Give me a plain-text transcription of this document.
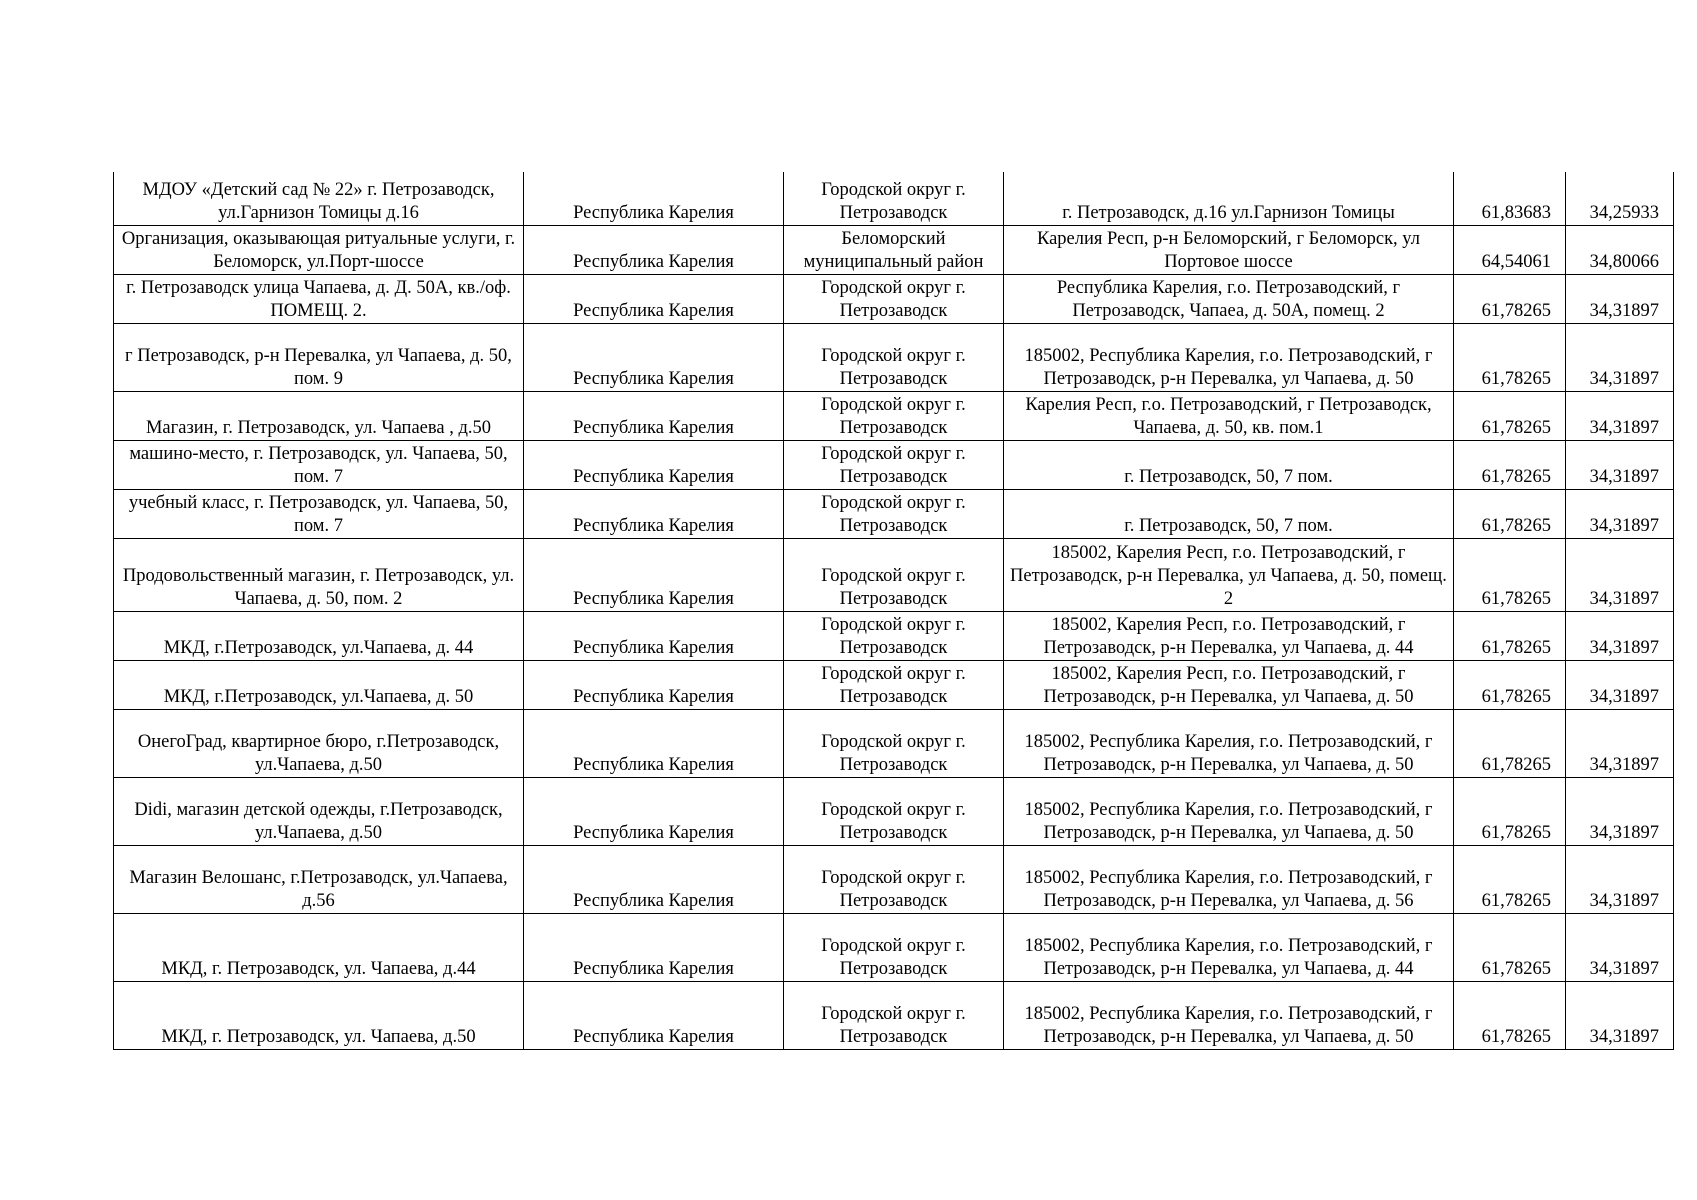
МДОУ «Детский сад № 22» г. Петрозаводск, ул.Гарнизон Томицы д.16	Республика Карелия	Городской округ г. Петрозаводск	г. Петрозаводск, д.16 ул.Гарнизон Томицы	61,83683	34,25933
Организация, оказывающая ритуальные услуги, г. Беломорск, ул.Порт-шоссе	Республика Карелия	Беломорский муниципальный район	Карелия Респ, р-н Беломорский, г Беломорск, ул Портовое шоссе	64,54061	34,80066
г. Петрозаводск улица Чапаева, д. Д. 50А, кв./оф. ПОМЕЩ. 2.	Республика Карелия	Городской округ г. Петрозаводск	Республика Карелия, г.о. Петрозаводский, г Петрозаводск, Чапаеа, д. 50А, помещ. 2	61,78265	34,31897
г Петрозаводск, р-н Перевалка, ул Чапаева, д. 50, пом. 9	Республика Карелия	Городской округ г. Петрозаводск	185002, Республика Карелия, г.о. Петрозаводский, г Петрозаводск, р-н Перевалка, ул Чапаева, д. 50	61,78265	34,31897
Магазин, г. Петрозаводск, ул. Чапаева , д.50	Республика Карелия	Городской округ г. Петрозаводск	Карелия Респ, г.о. Петрозаводский, г Петрозаводск, Чапаева, д. 50, кв. пом.1	61,78265	34,31897
машино-место, г. Петрозаводск, ул. Чапаева, 50, пом. 7	Республика Карелия	Городской округ г. Петрозаводск	г. Петрозаводск, 50, 7 пом.	61,78265	34,31897
учебный класс, г. Петрозаводск, ул. Чапаева, 50, пом. 7	Республика Карелия	Городской округ г. Петрозаводск	г. Петрозаводск, 50, 7 пом.	61,78265	34,31897
Продовольственный магазин, г. Петрозаводск, ул. Чапаева, д. 50, пом. 2	Республика Карелия	Городской округ г. Петрозаводск	185002, Карелия Респ, г.о. Петрозаводский, г Петрозаводск, р-н Перевалка, ул Чапаева, д. 50, помещ. 2	61,78265	34,31897
МКД, г.Петрозаводск, ул.Чапаева, д. 44	Республика Карелия	Городской округ г. Петрозаводск	185002, Карелия Респ, г.о. Петрозаводский, г Петрозаводск, р-н Перевалка, ул Чапаева, д. 44	61,78265	34,31897
МКД, г.Петрозаводск, ул.Чапаева, д. 50	Республика Карелия	Городской округ г. Петрозаводск	185002, Карелия Респ, г.о. Петрозаводский, г Петрозаводск, р-н Перевалка, ул Чапаева, д. 50	61,78265	34,31897
ОнегоГрад, квартирное бюро, г.Петрозаводск, ул.Чапаева, д.50	Республика Карелия	Городской округ г. Петрозаводск	185002, Республика Карелия, г.о. Петрозаводский, г Петрозаводск, р-н Перевалка, ул Чапаева, д. 50	61,78265	34,31897
Didi, магазин детской одежды, г.Петрозаводск, ул.Чапаева, д.50	Республика Карелия	Городской округ г. Петрозаводск	185002, Республика Карелия, г.о. Петрозаводский, г Петрозаводск, р-н Перевалка, ул Чапаева, д. 50	61,78265	34,31897
Магазин Велошанс, г.Петрозаводск, ул.Чапаева, д.56	Республика Карелия	Городской округ г. Петрозаводск	185002, Республика Карелия, г.о. Петрозаводский, г Петрозаводск, р-н Перевалка, ул Чапаева, д. 56	61,78265	34,31897
МКД, г. Петрозаводск, ул. Чапаева, д.44	Республика Карелия	Городской округ г. Петрозаводск	185002, Республика Карелия, г.о. Петрозаводский, г Петрозаводск, р-н Перевалка, ул Чапаева, д. 44	61,78265	34,31897
МКД, г. Петрозаводск, ул. Чапаева, д.50	Республика Карелия	Городской округ г. Петрозаводск	185002, Республика Карелия, г.о. Петрозаводский, г Петрозаводск, р-н Перевалка, ул Чапаева, д. 50	61,78265	34,31897
